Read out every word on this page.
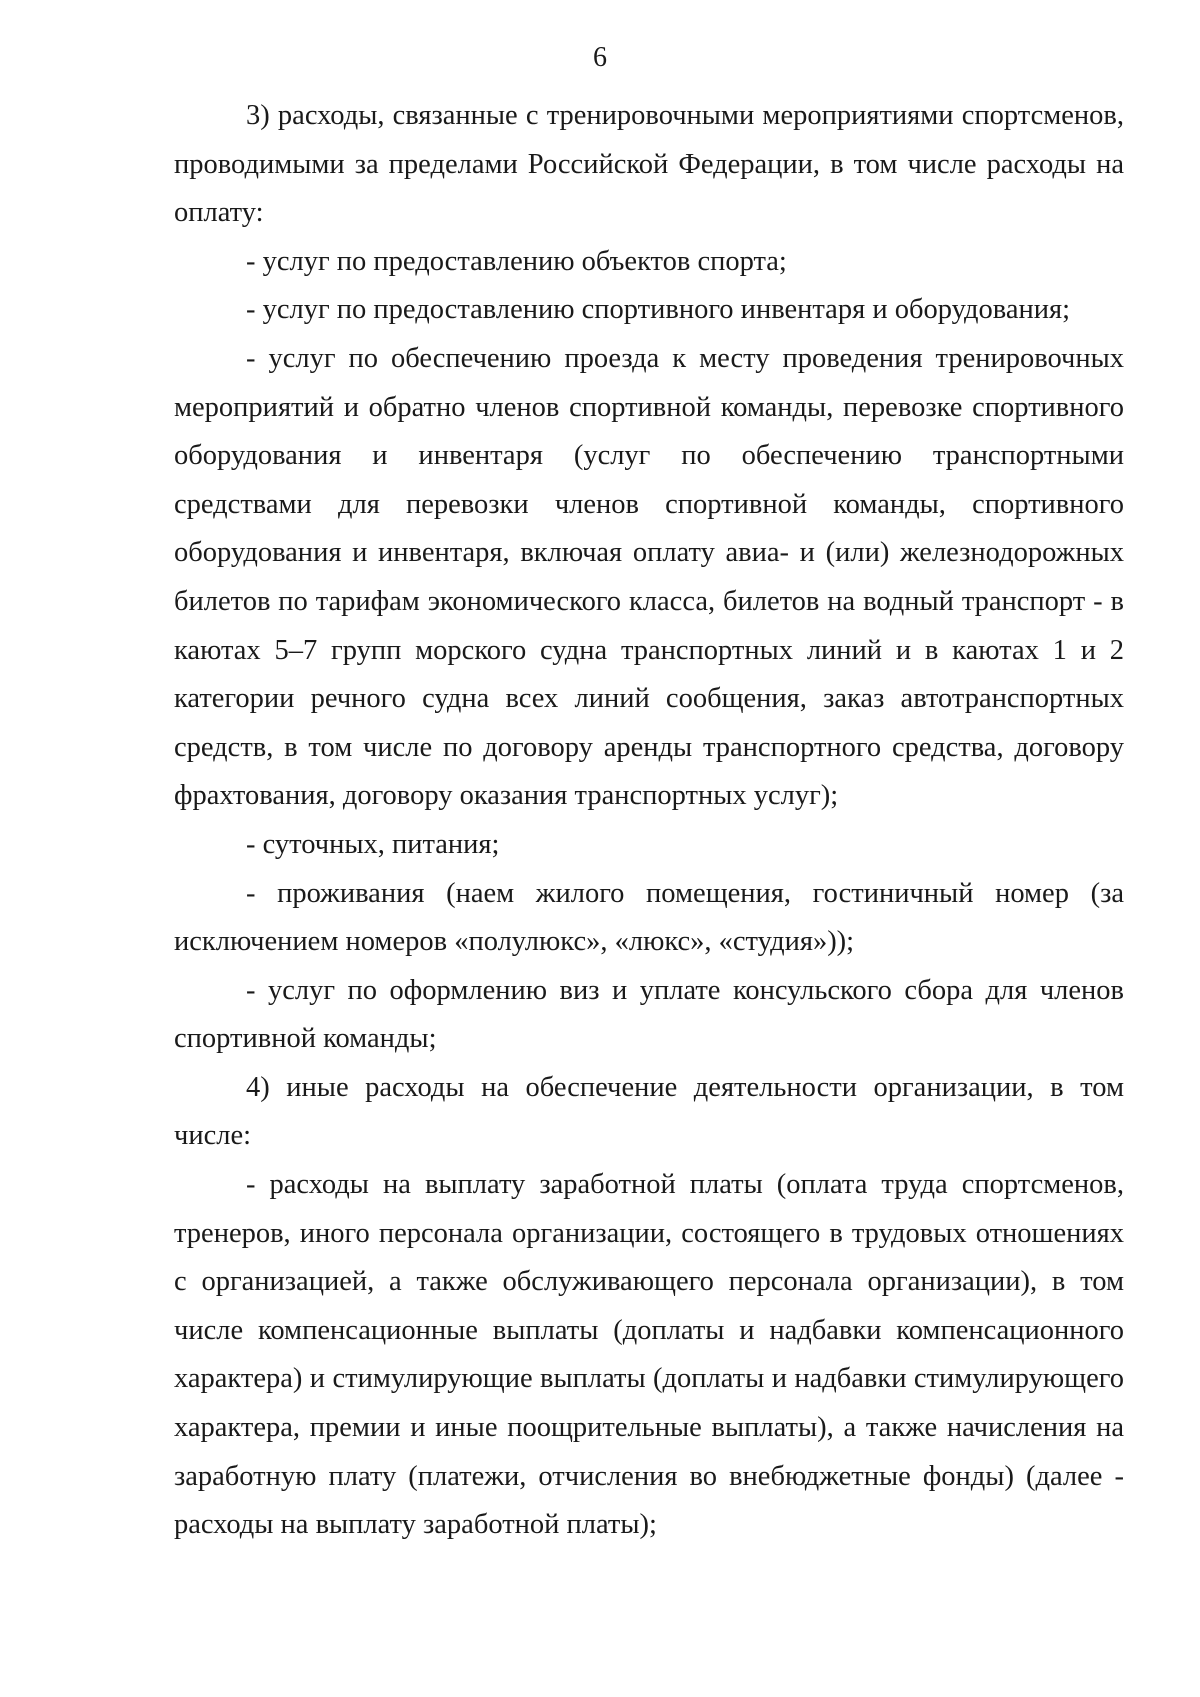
6

3) расходы, связанные с тренировочными мероприятиями спортсменов, проводимыми за пределами Российской Федерации, в том числе расходы на оплату:

- услуг по предоставлению объектов спорта;

- услуг по предоставлению спортивного инвентаря и оборудования;

- услуг по обеспечению проезда к месту проведения тренировочных мероприятий и обратно членов спортивной команды, перевозке спортивного оборудования и инвентаря (услуг по обеспечению транспортными средствами для перевозки членов спортивной команды, спортивного оборудования и инвентаря, включая оплату авиа- и (или) железнодорожных билетов по тарифам экономического класса, билетов на водный транспорт - в каютах 5–7 групп морского судна транспортных линий и в каютах 1 и 2 категории речного судна всех линий сообщения, заказ автотранспортных средств, в том числе по договору аренды транспортного средства, договору фрахтования, договору оказания транспортных услуг);

- суточных, питания;

- проживания (наем жилого помещения, гостиничный номер (за исключением номеров «полулюкс», «люкс», «студия»));

- услуг по оформлению виз и уплате консульского сбора для членов спортивной команды;

4) иные расходы на обеспечение деятельности организации, в том числе:

- расходы на выплату заработной платы (оплата труда спортсменов, тренеров, иного персонала организации, состоящего в трудовых отношениях с организацией, а также обслуживающего персонала организации), в том числе компенсационные выплаты (доплаты и надбавки компенсационного характера) и стимулирующие выплаты (доплаты и надбавки стимулирующего характера, премии и иные поощрительные выплаты), а также начисления на заработную плату (платежи, отчисления во внебюджетные фонды) (далее - расходы на выплату заработной платы);
